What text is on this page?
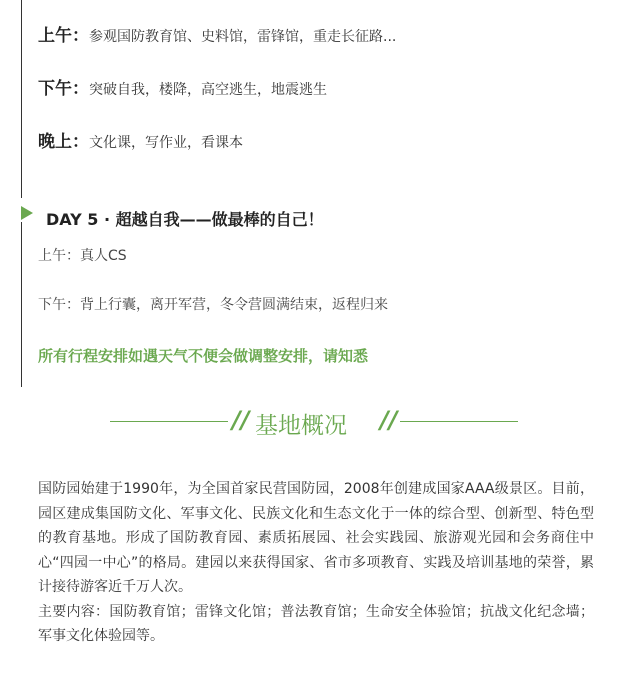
上午：参观国防教育馆、史料馆，雷锋馆，重走长征路...
下午：突破自我，楼降，高空逃生，地震逃生
晚上：文化课，写作业，看课本
DAY 5 · 超越自我——做最棒的自己！
上午：真人CS
下午：背上行囊，离开军营，冬令营圆满结束，返程归来
所有行程安排如遇天气不便会做调整安排，请知悉
// 基地概况 //

国防园始建于1990年，为全国首家民营国防园，2008年创建成国家AAA级景区。目前，园区建成集国防文化、军事文化、民族文化和生态文化于一体的综合型、创新型、特色型的教育基地。形成了国防教育园、素质拓展园、社会实践园、旅游观光园和会务商住中心“四园一中心”的格局。建园以来获得国家、省市多项教育、实践及培训基地的荣誉，累计接待游客近千万人次。

主要内容：国防教育馆；雷锋文化馆；普法教育馆；生命安全体验馆；抗战文化纪念墙；军事文化体验园等。
